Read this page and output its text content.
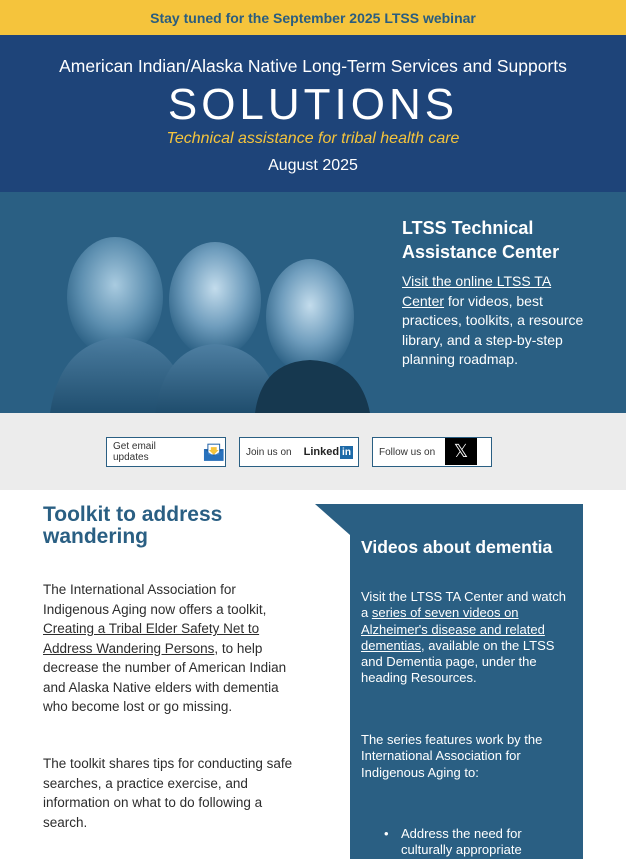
Stay tuned for the September 2025 LTSS webinar
American Indian/Alaska Native Long-Term Services and Supports
SOLUTIONS
Technical assistance for tribal health care
August 2025
LTSS Technical Assistance Center

Visit the online LTSS TA Center for videos, best practices, toolkits, a resource library, and a step-by-step planning roadmap.

Get email updates	Join us on Linked in	Follow us on	𝕏
Toolkit to address wandering

The International Association for Indigenous Aging now offers a toolkit, Creating a Tribal Elder Safety Net to Address Wandering Persons, to help decrease the number of American Indian and Alaska Native elders with dementia who become lost or go missing.

The toolkit shares tips for conducting safe searches, a practice exercise, and information on what to do following a search.

Videos about dementia

Visit the LTSS TA Center and watch a series of seven videos on Alzheimer's disease and related dementias, available on the LTSS and Dementia page, under the heading Resources.

The series features work by the International Association for Indigenous Aging to:

• Address the need for culturally appropriate
